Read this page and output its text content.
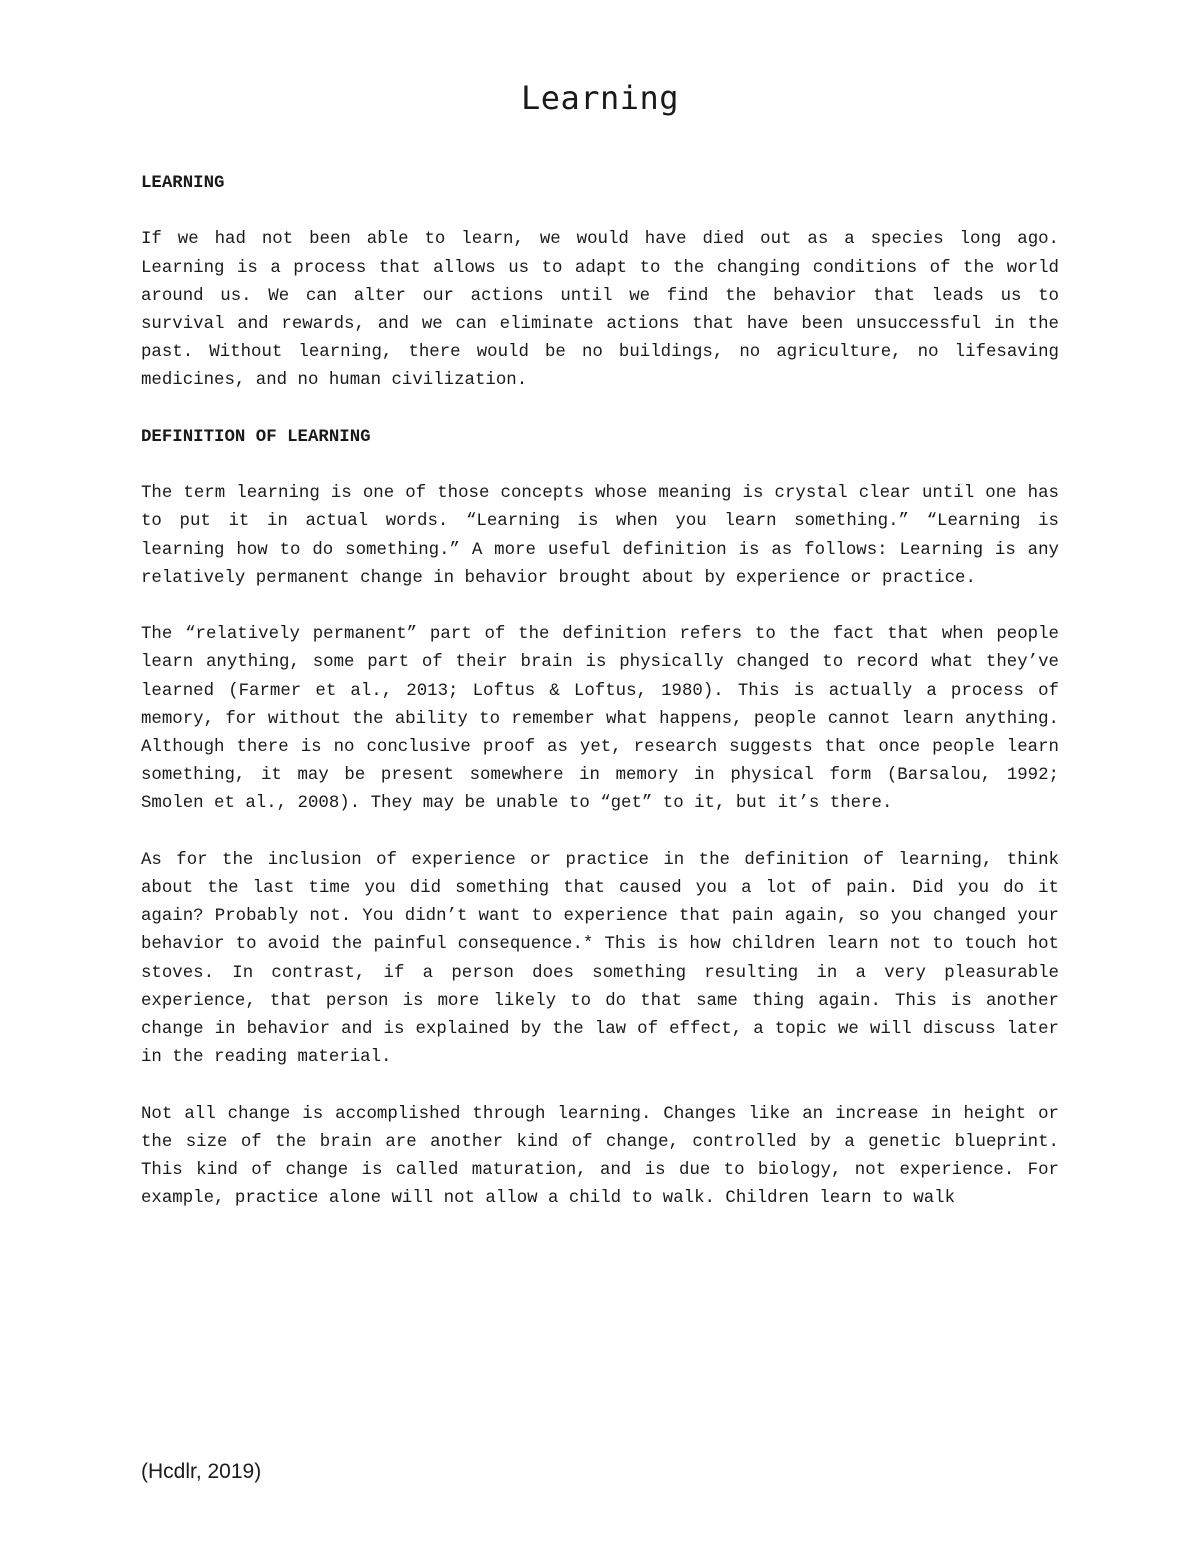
Learning
LEARNING

If we had not been able to learn, we would have died out as a species long ago. Learning is a process that allows us to adapt to the changing conditions of the world around us. We can alter our actions until we find the behavior that leads us to survival and rewards, and we can eliminate actions that have been unsuccessful in the past. Without learning, there would be no buildings, no agriculture, no lifesaving medicines, and no human civilization.

DEFINITION OF LEARNING

The term learning is one of those concepts whose meaning is crystal clear until one has to put it in actual words. “Learning is when you learn something.” “Learning is learning how to do something.” A more useful definition is as follows: Learning is any relatively permanent change in behavior brought about by experience or practice.

The “relatively permanent” part of the definition refers to the fact that when people learn anything, some part of their brain is physically changed to record what they’ve learned (Farmer et al., 2013; Loftus & Loftus, 1980). This is actually a process of memory, for without the ability to remember what happens, people cannot learn anything. Although there is no conclusive proof as yet, research suggests that once people learn something, it may be present somewhere in memory in physical form (Barsalou, 1992; Smolen et al., 2008). They may be unable to “get” to it, but it’s there.

As for the inclusion of experience or practice in the definition of learning, think about the last time you did something that caused you a lot of pain. Did you do it again? Probably not. You didn’t want to experience that pain again, so you changed your behavior to avoid the painful consequence.* This is how children learn not to touch hot stoves. In contrast, if a person does something resulting in a very pleasurable experience, that person is more likely to do that same thing again. This is another change in behavior and is explained by the law of effect, a topic we will discuss later in the reading material.

Not all change is accomplished through learning. Changes like an increase in height or the size of the brain are another kind of change, controlled by a genetic blueprint. This kind of change is called maturation, and is due to biology, not experience. For example, practice alone will not allow a child to walk. Children learn to walk

(Hcdlr, 2019)
